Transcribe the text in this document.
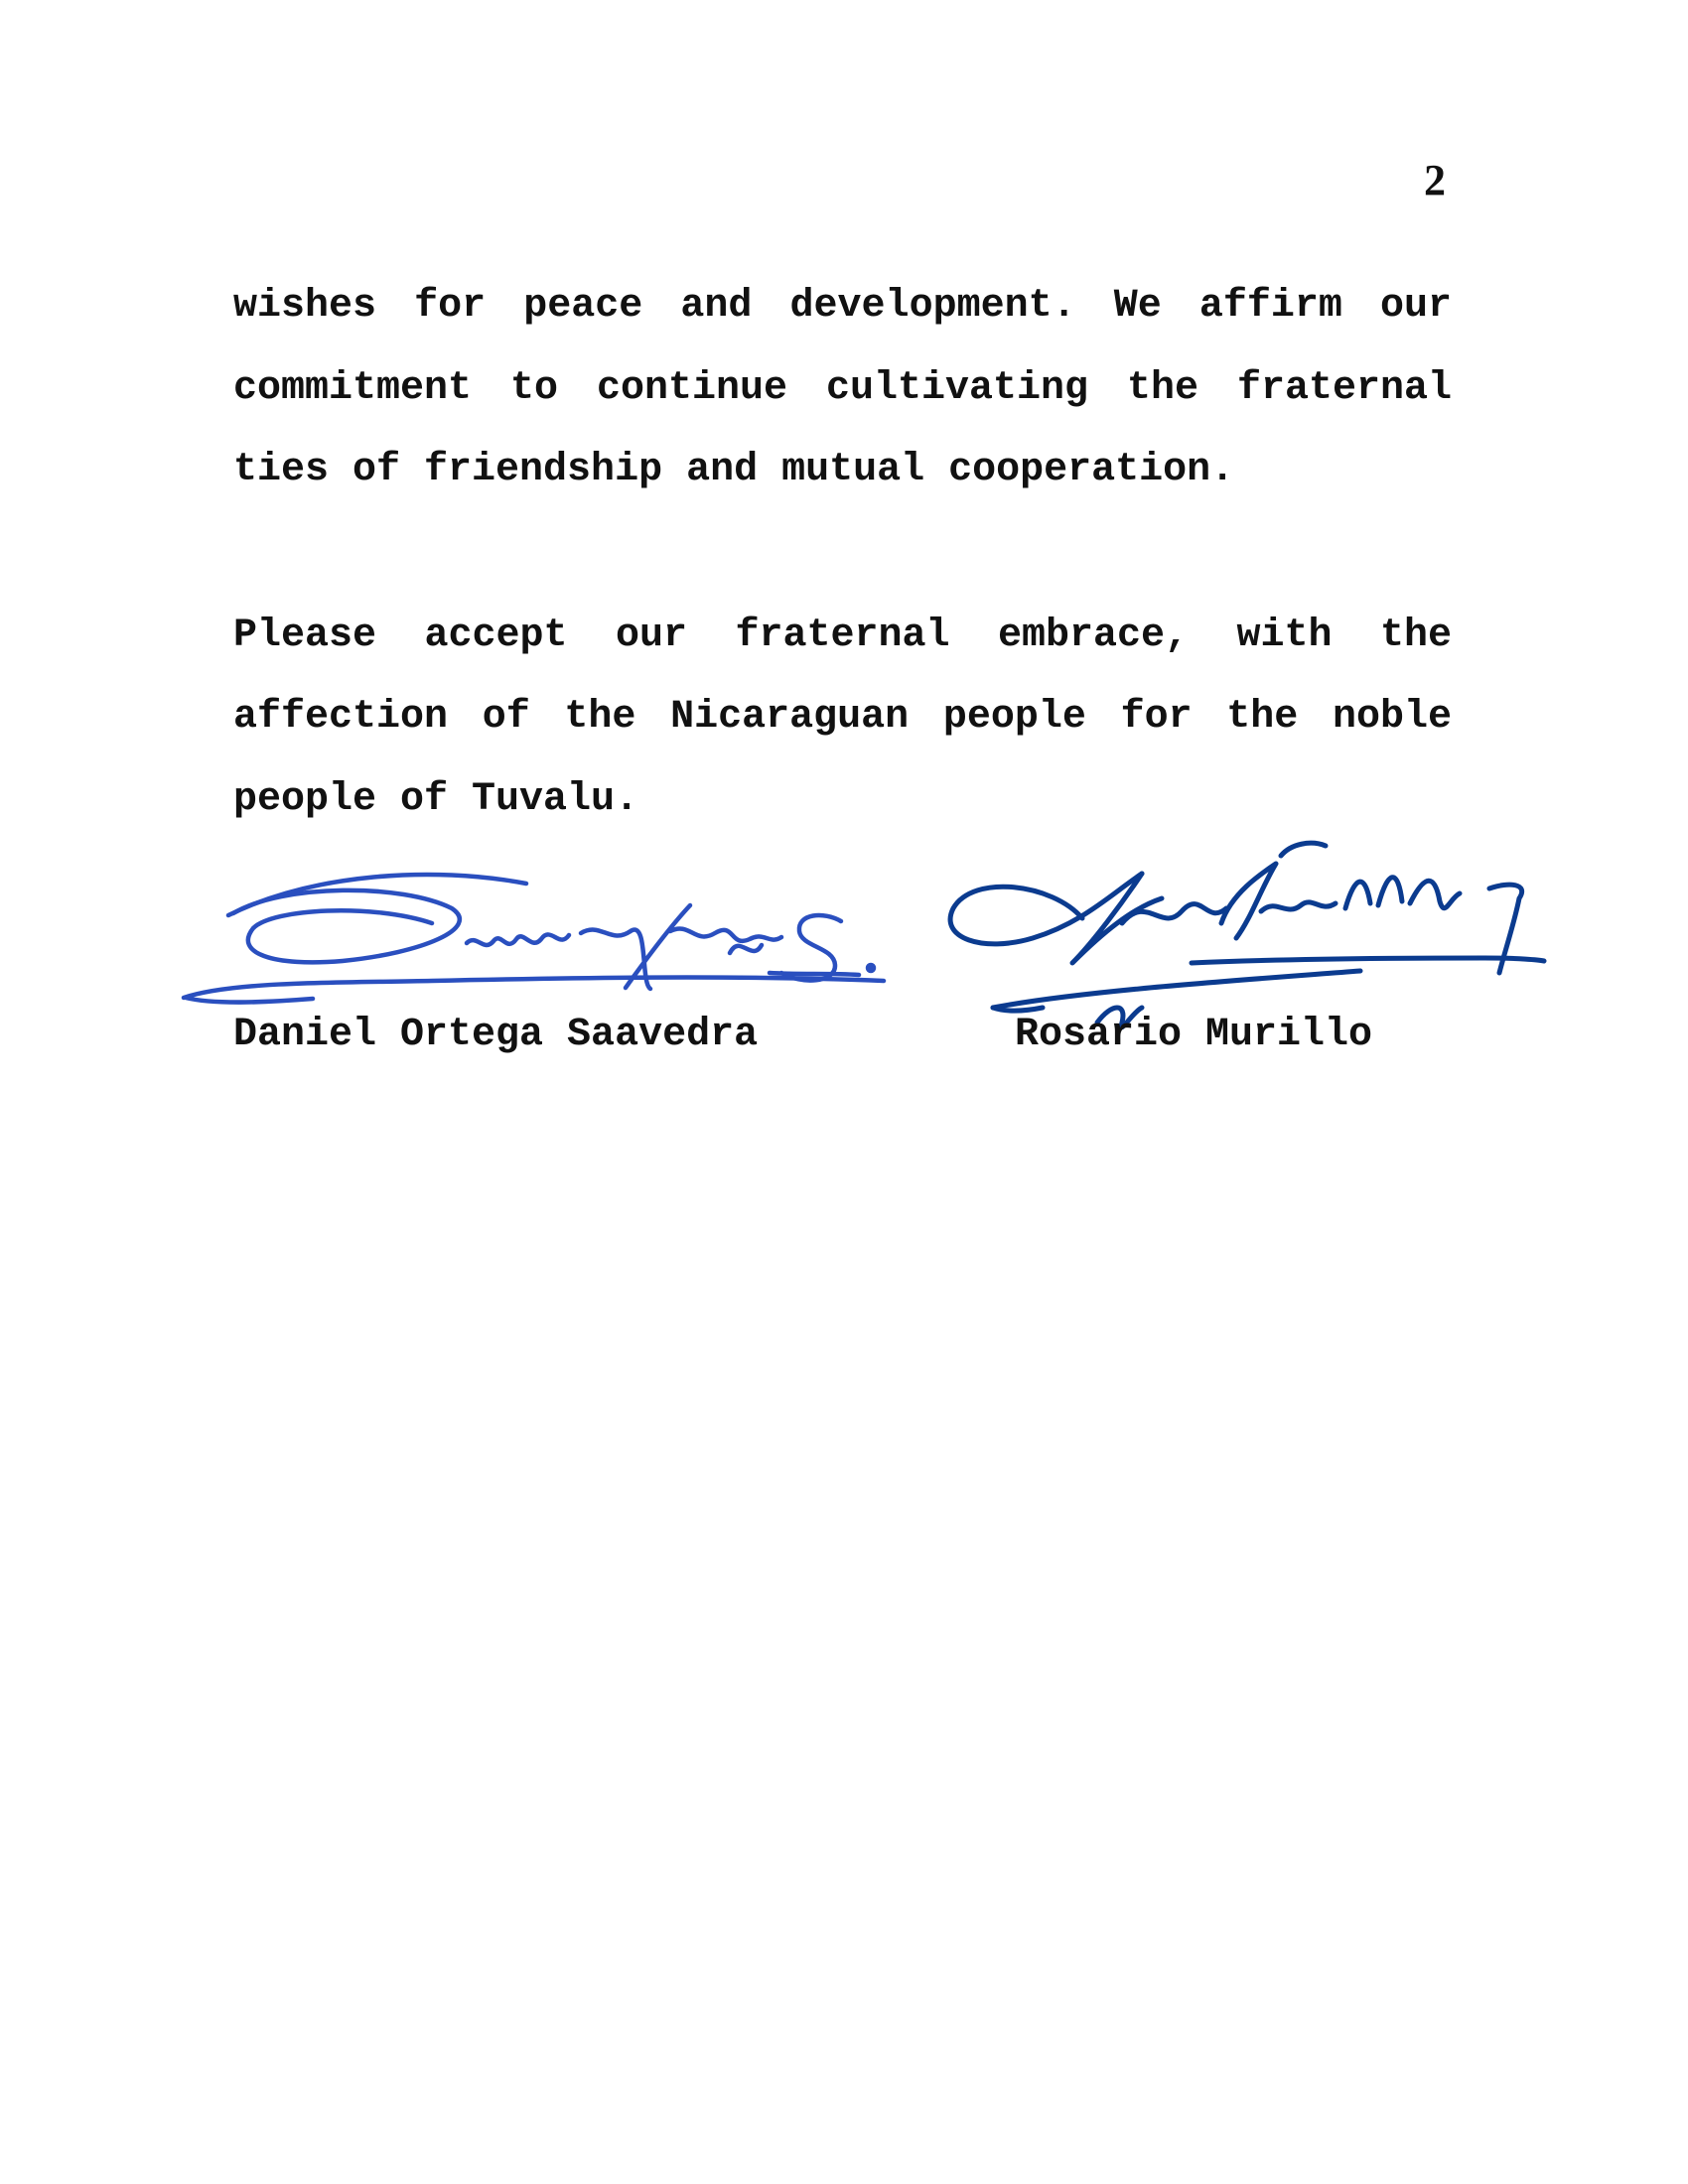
2

wishes for peace and development. We affirm our commitment to continue cultivating the fraternal ties of friendship and mutual cooperation.

Please accept our fraternal embrace, with the affection of the Nicaraguan people for the noble people of Tuvalu.

Daniel Ortega Saavedra	Rosario Murillo
